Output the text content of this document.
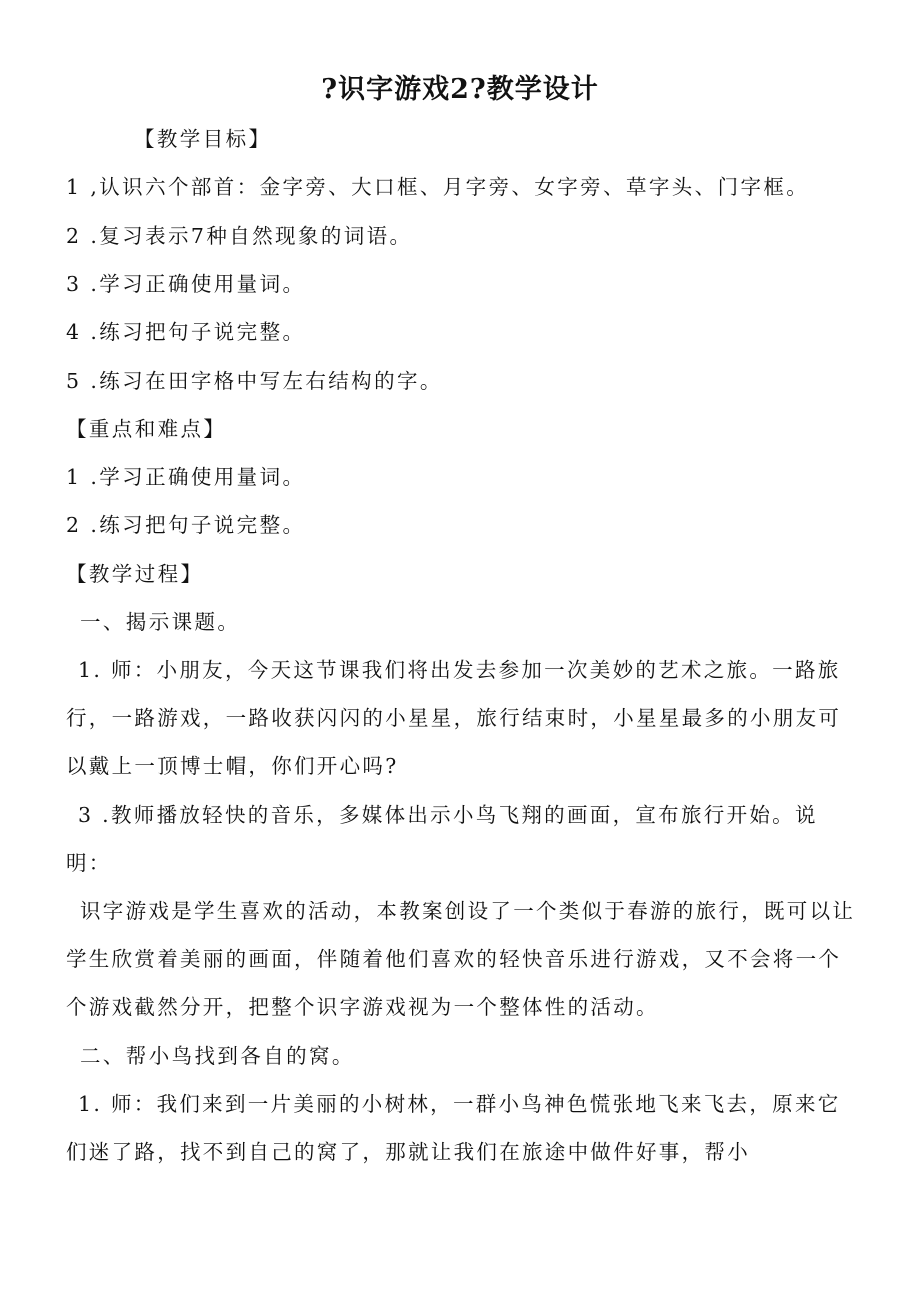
?识字游戏2?教学设计
【教学目标】
1 ,认识六个部首：金字旁、大口框、月字旁、女字旁、草字头、门字框。
2 .复习表示7种自然现象的词语。
3 .学习正确使用量词。
4 .练习把句子说完整。
5 .练习在田字格中写左右结构的字。
【重点和难点】
1 .学习正确使用量词。
2 .练习把句子说完整。
【教学过程】
一、揭示课题。
1. 师：小朋友，今天这节课我们将出发去参加一次美妙的艺术之旅。一路旅行，一路游戏，一路收获闪闪的小星星，旅行结束时，小星星最多的小朋友可以戴上一顶博士帽，你们开心吗?
3 .教师播放轻快的音乐，多媒体出示小鸟飞翔的画面，宣布旅行开始。说明：
识字游戏是学生喜欢的活动，本教案创设了一个类似于春游的旅行，既可以让学生欣赏着美丽的画面，伴随着他们喜欢的轻快音乐进行游戏，又不会将一个个游戏截然分开，把整个识字游戏视为一个整体性的活动。
二、帮小鸟找到各自的窝。
1. 师：我们来到一片美丽的小树林，一群小鸟神色慌张地飞来飞去，原来它们迷了路，找不到自己的窝了，那就让我们在旅途中做件好事，帮小
